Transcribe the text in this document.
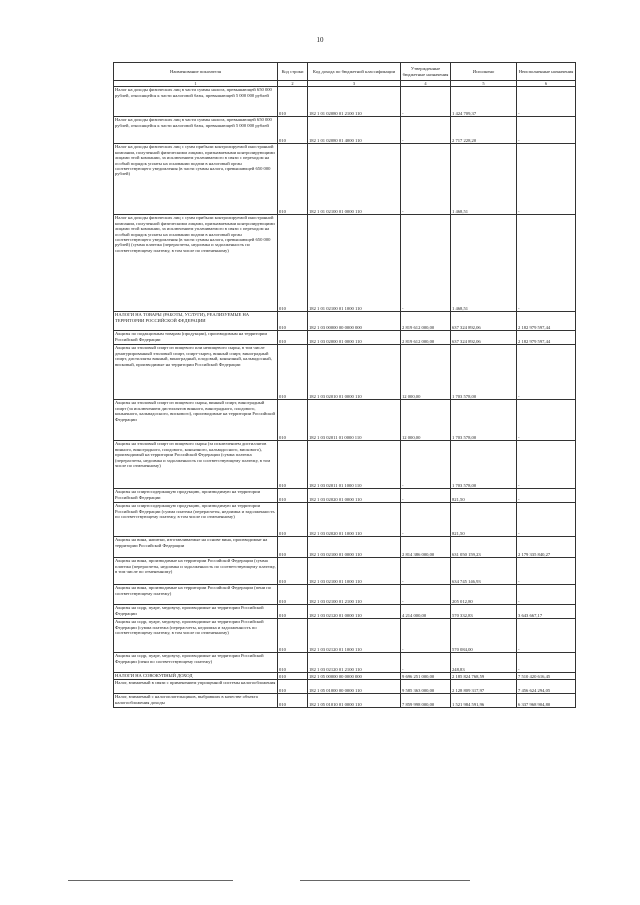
10
Наименование показателя	Код строки	Код дохода по бюджетной классификации	Утвержденные бюджетные назначения	Исполнено	Неисполненные назначения
1	2	3	4	5	6
Налог на доходы физических лиц в части суммы налога, превышающей 650 000 рублей, относящейся к части налоговой базы, превышающей 5 000 000 рублей	010	182 1 01 02080 01 2100 110	-	1 424 709,37	-
Налог на доходы физических лиц в части суммы налога, превышающей 650 000 рублей, относящейся к части налоговой базы, превышающей 5 000 000 рублей	010	182 1 01 02080 01 4000 110	-	2 717 228,20	-
Налог на доходы физических лиц с сумм прибыли контролируемой иностранной компании, полученной физическими лицами, признаваемыми контролирующими лицами этой компании, за исключением уплачиваемого в связи с переходом на особый порядок уплаты на основании подачи в налоговый орган соответствующего уведомления (в части суммы налога, превышающей 650 000 рублей)	010	182 1 01 02100 01 0000 110	-	1 468,51	-
Налог на доходы физических лиц с сумм прибыли контролируемой иностранной компании, полученной физическими лицами, признаваемыми контролирующими лицами этой компании, за исключением уплачиваемого в связи с переходом на особый порядок уплаты на основании подачи в налоговый орган соответствующего уведомления (в части суммы налога, превышающей 650 000 рублей) (сумма платежа (перерасчеты, недоимка и задолженность по соответствующему платежу, в том числе по отмененному)	010	182 1 01 02100 01 1000 110	-	1 468,51	-
НАЛОГИ НА ТОВАРЫ (РАБОТЫ, УСЛУГИ), РЕАЛИЗУЕМЫЕ НА ТЕРРИТОРИИ РОССИЙСКОЙ ФЕДЕРАЦИИ	010	182 1 03 00000 00 0000 000	2 819 612 000,00	637 324 892,06	2 182 979 597,44
Акцизы по подакцизным товарам (продукции), производимым на территории Российской Федерации	010	182 1 03 02000 01 0000 110	2 819 612 000,00	637 324 892,06	2 182 979 597,44
Акцизы на этиловый спирт из пищевого или непищевого сырья, в том числе денатурированный этиловый спирт, спирт-сырец, винный спирт, виноградный спирт, дистилляты винный, виноградный, плодовый, коньячный, кальвадосный, висковый, производимые на территории Российской Федерации	010	182 1 03 02010 01 0000 110	12 000,00	1 703 578,00	-
Акцизы на этиловый спирт из пищевого сырья, винный спирт, виноградный спирт (за исключением дистиллятов винного, виноградного, плодового, коньячного, кальвадосного, вискового), производимые на территории Российской Федерации	010	182 1 03 02011 01 0000 110	12 000,00	1 703 578,00	-
Акцизы на этиловый спирт из пищевого сырья (за исключением дистиллятов винного, виноградного, плодового, коньячного, кальвадосного, вискового), производимый на территории Российской Федерации (сумма платежа (перерасчеты, недоимка и задолженность по соответствующему платежу, в том числе по отмененному)	010	182 1 03 02011 01 1000 110	-	1 703 578,00	-
Акцизы на спиртосодержащую продукцию, производимую на территории Российской Федерации	010	182 1 03 02020 01 0000 110	-	821,50	-
Акцизы на спиртосодержащую продукцию, производимую на территории Российской Федерации (сумма платежа (перерасчеты, недоимка и задолженность по соответствующему платежу, в том числе по отмененному)	010	182 1 03 02020 01 1000 110	-	821,50	-
Акцизы на вина, напитки, изготавливаемые на основе вина, производимые на территории Российской Федерации	010	182 1 03 02100 01 0000 110	2 814 386 000,00	631 050 159,23	2 179 335 840,27
Акцизы на вина, производимые на территории Российской Федерации (сумма платежа (перерасчеты, недоимка и задолженность по соответствующему платежу, в том числе по отмененному)	010	182 1 03 02100 01 1000 110	-	634 745 146,93	-
Акцизы на вина, производимые на территории Российской Федерации (пени по соответствующему платежу)	010	182 1 03 02100 01 2100 110	-	205 012,80	-
Акцизы на сидр, пуаре, медовуху, производимые на территории Российской Федерации	010	182 1 03 02120 01 0000 110	4 214 000,00	570 332,83	3 643 667,17
Акцизы на сидр, пуаре, медовуху, производимые на территории Российской Федерации (сумма платежа (перерасчеты, недоимка и задолженность по соответствующему платежу, в том числе по отмененному)	010	182 1 03 02120 01 1000 110	-	570 084,00	-
Акцизы на сидр, пуаре, медовуху, производимые на территории Российской Федерации (пени по соответствующему платежу)	010	182 1 03 02120 01 2100 110	-	248,83	-
НАЛОГИ НА СОВОКУПНЫЙ ДОХОД	010	182 1 05 00000 00 0000 000	9 696 251 000,00	2 185 824 768,59	7 510 420 616,45
Налог, взимаемый в связи с применением упрощенной системы налогообложения	010	182 1 05 01000 00 0000 110	9 585 363 000,00	2 128 809 317,97	7 456 624 294,05
Налог, взимаемый с налогоплательщиков, выбравших в качестве объекта налогообложения доходы	010	182 1 05 01010 01 0000 110	7 859 998 000,00	1 521 984 591,96	6 337 968 904,80
